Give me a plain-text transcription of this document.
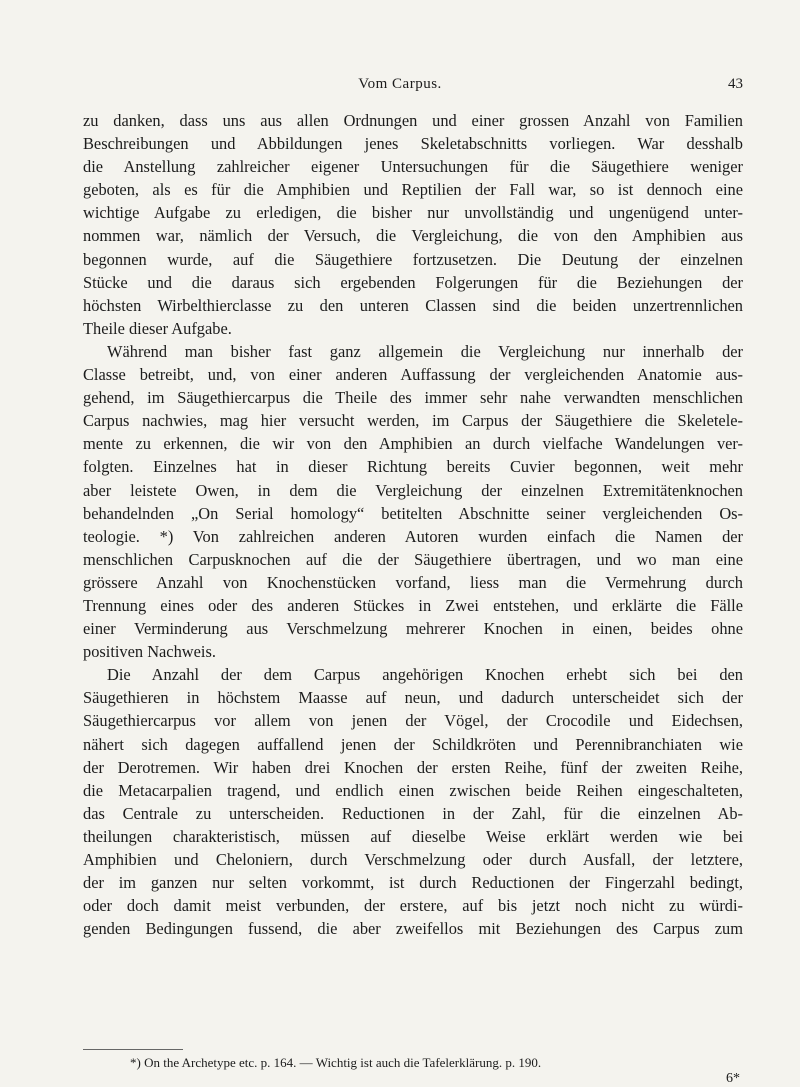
Vom Carpus.	43
zu danken, dass uns aus allen Ordnungen und einer grossen Anzahl von Familien
Beschreibungen und Abbildungen jenes Skeletabschnitts vorliegen. War desshalb
die Anstellung zahlreicher eigener Untersuchungen für die Säugethiere weniger
geboten, als es für die Amphibien und Reptilien der Fall war, so ist dennoch eine
wichtige Aufgabe zu erledigen, die bisher nur unvollständig und ungenügend unter-
nommen war, nämlich der Versuch, die Vergleichung, die von den Amphibien aus
begonnen wurde, auf die Säugethiere fortzusetzen. Die Deutung der einzelnen
Stücke und die daraus sich ergebenden Folgerungen für die Beziehungen der
höchsten Wirbelthierclasse zu den unteren Classen sind die beiden unzertrennlichen
Theile dieser Aufgabe.
Während man bisher fast ganz allgemein die Vergleichung nur innerhalb der
Classe betreibt, und, von einer anderen Auffassung der vergleichenden Anatomie aus-
gehend, im Säugethiercarpus die Theile des immer sehr nahe verwandten menschlichen
Carpus nachwies, mag hier versucht werden, im Carpus der Säugethiere die Skeletele-
mente zu erkennen, die wir von den Amphibien an durch vielfache Wandelungen ver-
folgten. Einzelnes hat in dieser Richtung bereits Cuvier begonnen, weit mehr
aber leistete Owen, in dem die Vergleichung der einzelnen Extremitätenknochen
behandelnden „On Serial homology“ betitelten Abschnitte seiner vergleichenden Os-
teologie. *) Von zahlreichen anderen Autoren wurden einfach die Namen der
menschlichen Carpusknochen auf die der Säugethiere übertragen, und wo man eine
grössere Anzahl von Knochenstücken vorfand, liess man die Vermehrung durch
Trennung eines oder des anderen Stückes in Zwei entstehen, und erklärte die Fälle
einer Verminderung aus Verschmelzung mehrerer Knochen in einen, beides ohne
positiven Nachweis.
Die Anzahl der dem Carpus angehörigen Knochen erhebt sich bei den
Säugethieren in höchstem Maasse auf neun, und dadurch unterscheidet sich der
Säugethiercarpus vor allem von jenen der Vögel, der Crocodile und Eidechsen,
nähert sich dagegen auffallend jenen der Schildkröten und Perennibranchiaten wie
der Derotremen. Wir haben drei Knochen der ersten Reihe, fünf der zweiten Reihe,
die Metacarpalien tragend, und endlich einen zwischen beide Reihen eingeschalteten,
das Centrale zu unterscheiden. Reductionen in der Zahl, für die einzelnen Ab-
theilungen charakteristisch, müssen auf dieselbe Weise erklärt werden wie bei
Amphibien und Cheloniern, durch Verschmelzung oder durch Ausfall, der letztere,
der im ganzen nur selten vorkommt, ist durch Reductionen der Fingerzahl bedingt,
oder doch damit meist verbunden, der erstere, auf bis jetzt noch nicht zu würdi-
genden Bedingungen fussend, die aber zweifellos mit Beziehungen des Carpus zum
*) On the Archetype etc. p. 164. — Wichtig ist auch die Tafelerklärung. p. 190.
6*
